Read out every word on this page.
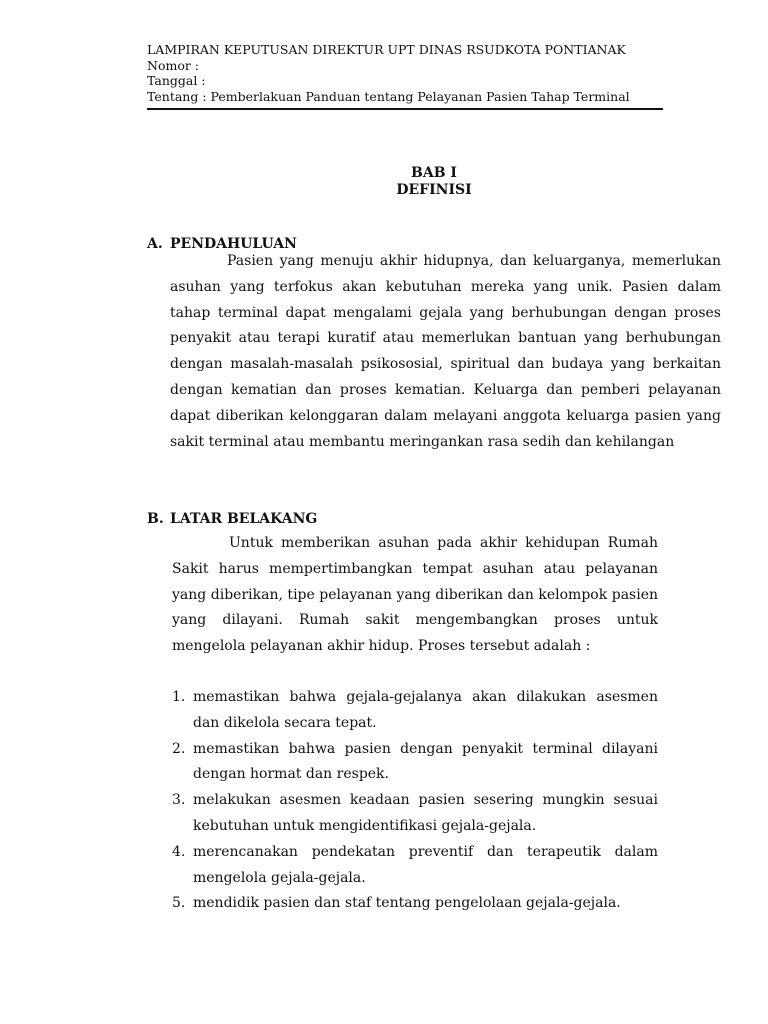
LAMPIRAN KEPUTUSAN DIREKTUR UPT DINAS RSUDKOTA PONTIANAK
Nomor :
Tanggal :
Tentang : Pemberlakuan Panduan tentang Pelayanan Pasien Tahap Terminal
BAB I
DEFINISI
A. PENDAHULUAN

Pasien yang menuju akhir hidupnya, dan keluarganya, memerlukan asuhan yang terfokus akan kebutuhan mereka yang unik. Pasien dalam tahap terminal dapat mengalami gejala yang berhubungan dengan proses penyakit atau terapi kuratif atau memerlukan bantuan yang berhubungan dengan masalah-masalah psikososial, spiritual dan budaya yang berkaitan dengan kematian dan proses kematian. Keluarga dan pemberi pelayanan dapat diberikan kelonggaran dalam melayani anggota keluarga pasien yang sakit terminal atau membantu meringankan rasa sedih dan kehilangan

B. LATAR BELAKANG

Untuk memberikan asuhan pada akhir kehidupan Rumah Sakit harus mempertimbangkan tempat asuhan atau pelayanan yang diberikan, tipe pelayanan yang diberikan dan kelompok pasien yang dilayani. Rumah sakit mengembangkan proses untuk mengelola pelayanan akhir hidup. Proses tersebut adalah :

1. memastikan bahwa gejala-gejalanya akan dilakukan asesmen dan dikelola secara tepat.
2. memastikan bahwa pasien dengan penyakit terminal dilayani dengan hormat dan respek.
3. melakukan asesmen keadaan pasien sesering mungkin sesuai kebutuhan untuk mengidentifikasi gejala-gejala.
4. merencanakan pendekatan preventif dan terapeutik dalam mengelola gejala-gejala.
5. mendidik pasien dan staf tentang pengelolaan gejala-gejala.
